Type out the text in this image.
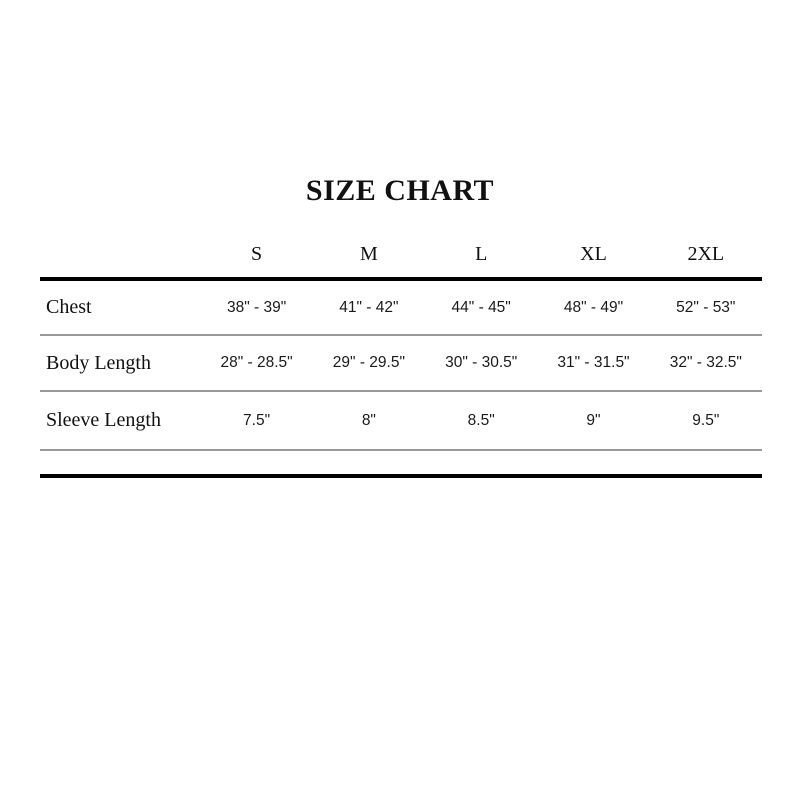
SIZE CHART
	S	M	L	XL	2XL
Chest	38" - 39"	41" - 42"	44" - 45"	48" - 49"	52" - 53"
Body Length	28" - 28.5"	29" - 29.5"	30" - 30.5"	31" - 31.5"	32" - 32.5"
Sleeve Length	7.5"	8"	8.5"	9"	9.5"
